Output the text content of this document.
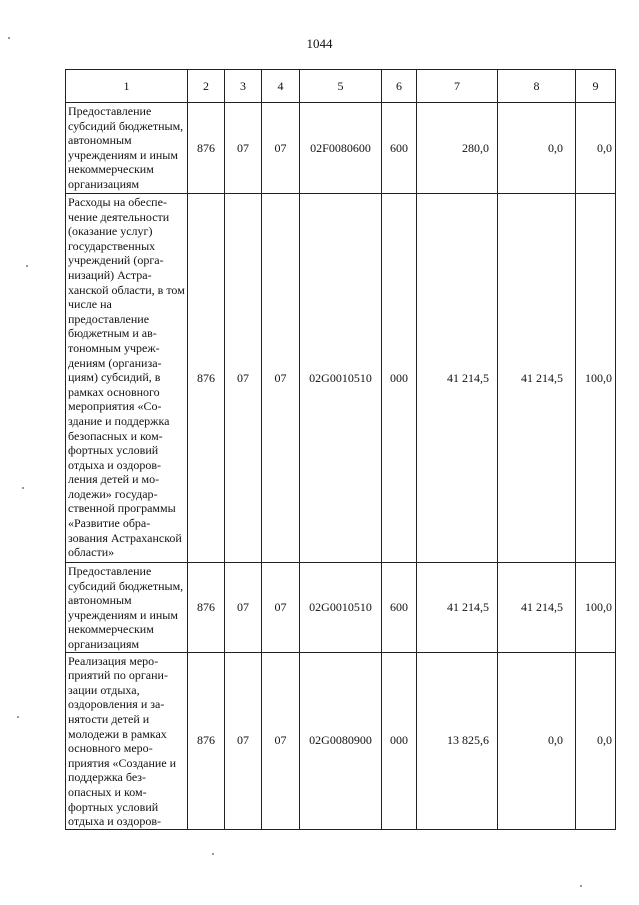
1044
1	2	3	4	5	6	7	8	9
Предоставление субсидий бюджетным, автономным учреждениям и иным некоммерческим организациям	876	07	07	02F0080600	600	280,0	0,0	0,0
Расходы на обеспечение деятельности (оказание услуг) государственных учреждений (организаций) Астраханской области, в том числе на предоставление бюджетным и автономным учреждениям (организациям) субсидий, в рамках основного мероприятия «Создание и поддержка безопасных и комфортных условий отдыха и оздоровления детей и молодежи» государственной программы «Развитие образования Астраханской области»	876	07	07	02G0010510	000	41 214,5	41 214,5	100,0
Предоставление субсидий бюджетным, автономным учреждениям и иным некоммерческим организациям	876	07	07	02G0010510	600	41 214,5	41 214,5	100,0
Реализация мероприятий по организации отдыха, оздоровления и занятости детей и молодежи в рамках основного мероприятия «Создание и поддержка безопасных и комфортных условий отдыха и оздоров-	876	07	07	02G0080900	000	13 825,6	0,0	0,0
